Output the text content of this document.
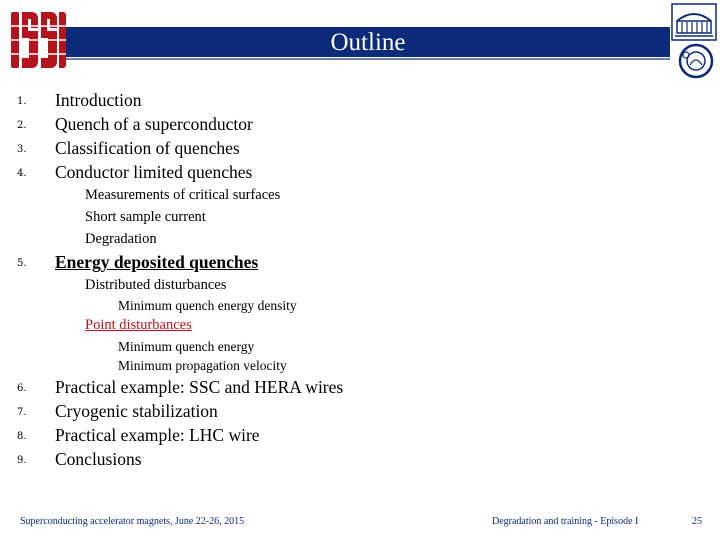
Outline
1.	Introduction
2.	Quench of a superconductor
3.	Classification of quenches
4.	Conductor limited quenches
Measurements of critical surfaces
Short sample current
Degradation
5.	Energy deposited quenches
Distributed disturbances
Minimum quench energy density
Point disturbances
Minimum quench energy
Minimum propagation velocity
6.	Practical example: SSC and HERA wires
7.	Cryogenic stabilization
8.	Practical example: LHC wire
9.	Conclusions
Superconducting accelerator magnets, June 22-26, 2015	Degradation and training - Episode I	25
